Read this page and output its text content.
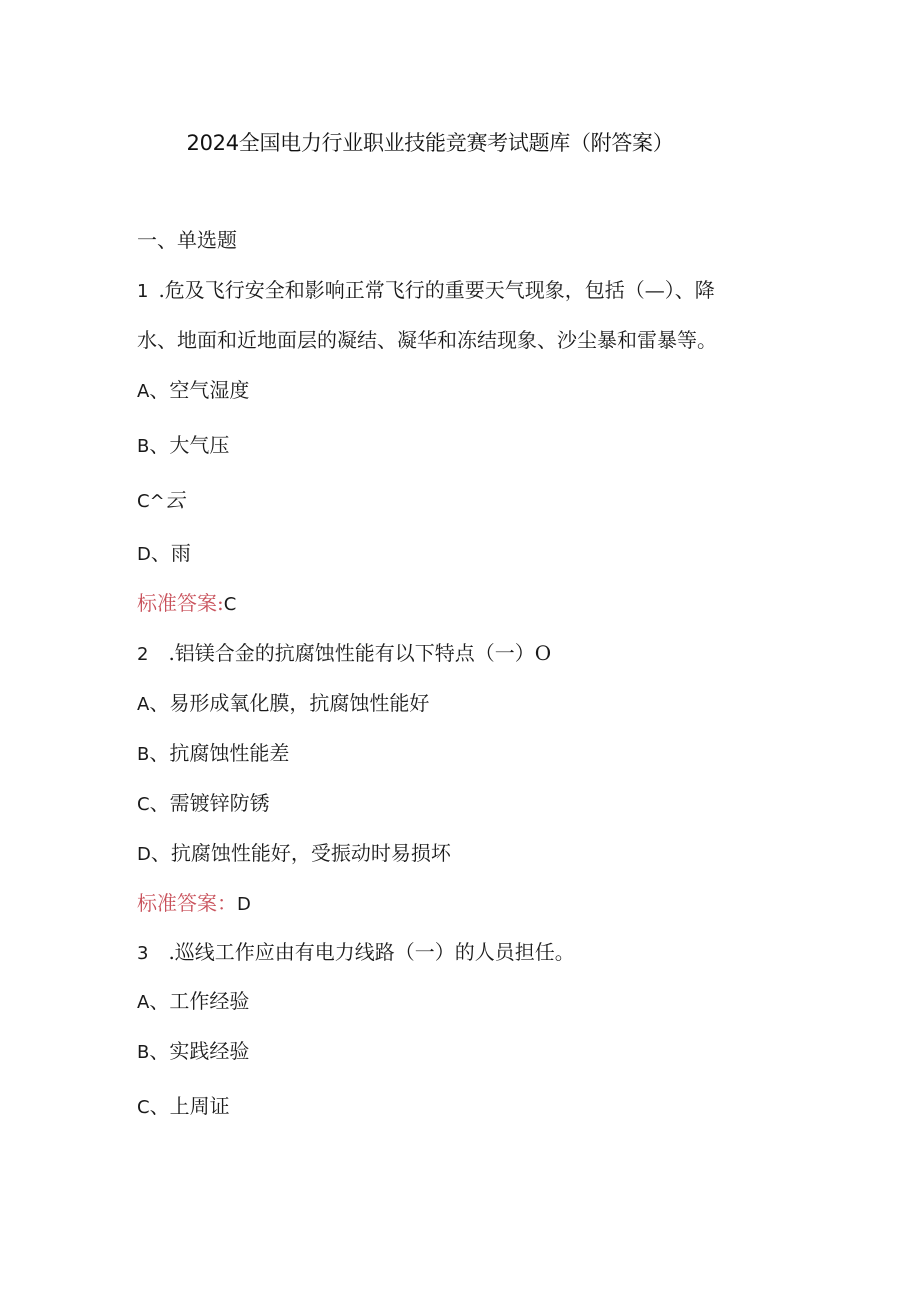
2024全国电力行业职业技能竞赛考试题库（附答案）
一、单选题
1 .危及飞行安全和影响正常飞行的重要天气现象，包括（—）、降
水、地面和近地面层的凝结、凝华和冻结现象、沙尘暴和雷暴等。
A、空气湿度
B、大气压
C^云
D、雨
标准答案:C
2 .铝镁合金的抗腐蚀性能有以下特点（一）O
A、易形成氧化膜，抗腐蚀性能好
B、抗腐蚀性能差
C、需镀锌防锈
D、抗腐蚀性能好，受振动时易损坏
标准答案：D
3 .巡线工作应由有电力线路（一）的人员担任。
A、工作经验
B、实践经验
C、上周证
